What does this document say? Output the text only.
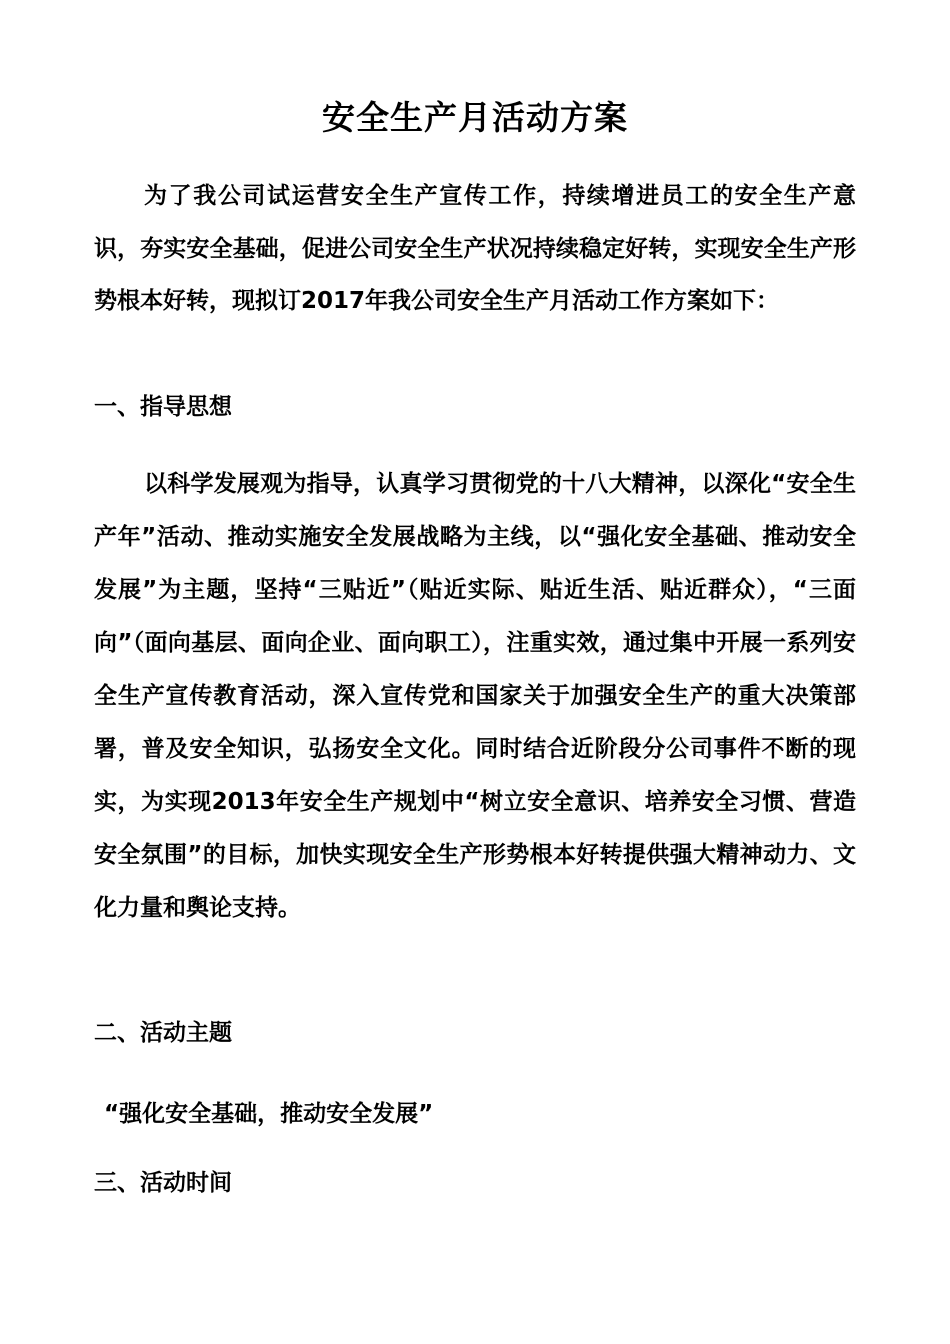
安全生产月活动方案

为了我公司试运营安全生产宣传工作，持续增进员工的安全生产意识，夯实安全基础，促进公司安全生产状况持续稳定好转，实现安全生产形势根本好转，现拟订2017年我公司安全生产月活动工作方案如下：

一、指导思想

以科学发展观为指导，认真学习贯彻党的十八大精神，以深化“安全生产年”活动、推动实施安全发展战略为主线，以“强化安全基础、推动安全发展”为主题，坚持“三贴近”（贴近实际、贴近生活、贴近群众），“三面向”（面向基层、面向企业、面向职工），注重实效，通过集中开展一系列安全生产宣传教育活动，深入宣传党和国家关于加强安全生产的重大决策部署，普及安全知识，弘扬安全文化。同时结合近阶段分公司事件不断的现实，为实现2013年安全生产规划中“树立安全意识、培养安全习惯、营造安全氛围”的目标，加快实现安全生产形势根本好转提供强大精神动力、文化力量和舆论支持。

二、活动主题

“强化安全基础，推动安全发展”

三、活动时间
